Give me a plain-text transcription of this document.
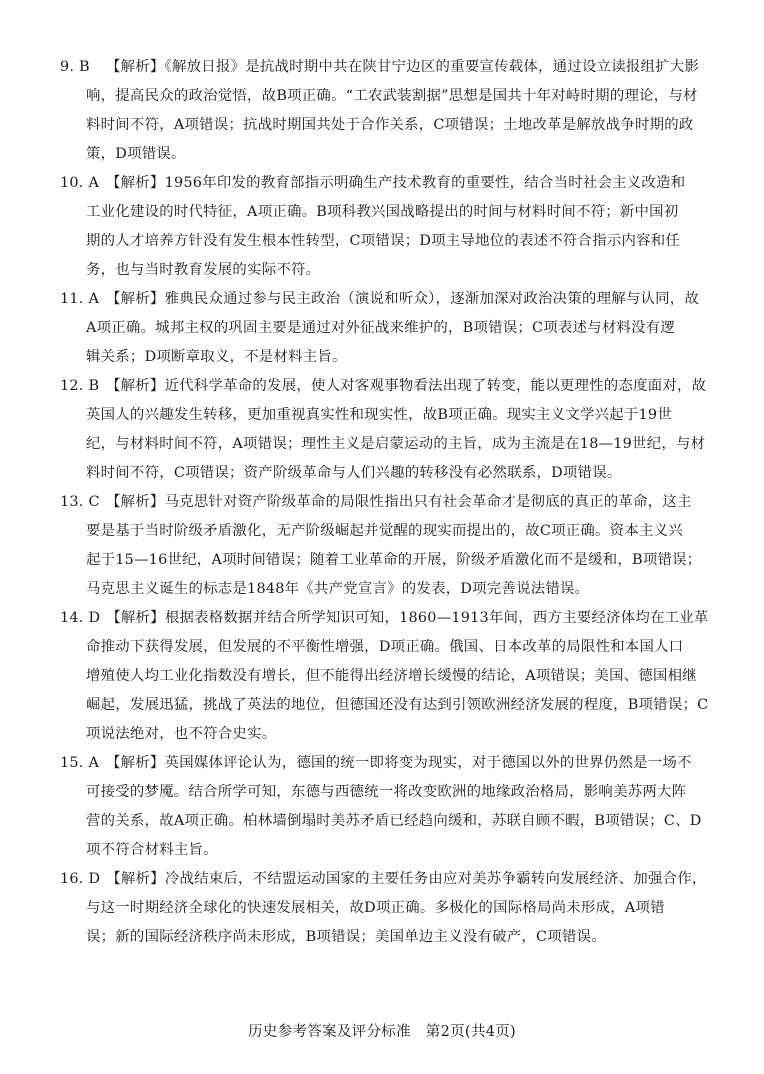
9. B 【解析】《解放日报》是抗战时期中共在陕甘宁边区的重要宣传载体，通过设立读报组扩大影
响，提高民众的政治觉悟，故B项正确。“工农武装割据”思想是国共十年对峙时期的理论，与材
料时间不符，A项错误；抗战时期国共处于合作关系，C项错误；土地改革是解放战争时期的政
策，D项错误。
10. A 【解析】1956年印发的教育部指示明确生产技术教育的重要性，结合当时社会主义改造和
工业化建设的时代特征，A项正确。B项科教兴国战略提出的时间与材料时间不符；新中国初
期的人才培养方针没有发生根本性转型，C项错误；D项主导地位的表述不符合指示内容和任
务，也与当时教育发展的实际不符。
11. A 【解析】雅典民众通过参与民主政治（演说和听众），逐渐加深对政治决策的理解与认同，故
A项正确。城邦主权的巩固主要是通过对外征战来维护的，B项错误；C项表述与材料没有逻
辑关系；D项断章取义，不是材料主旨。
12. B 【解析】近代科学革命的发展，使人对客观事物看法出现了转变，能以更理性的态度面对，故
英国人的兴趣发生转移，更加重视真实性和现实性，故B项正确。现实主义文学兴起于19世
纪，与材料时间不符，A项错误；理性主义是启蒙运动的主旨，成为主流是在18—19世纪，与材
料时间不符，C项错误；资产阶级革命与人们兴趣的转移没有必然联系，D项错误。
13. C 【解析】马克思针对资产阶级革命的局限性指出只有社会革命才是彻底的真正的革命，这主
要是基于当时阶级矛盾激化，无产阶级崛起并觉醒的现实而提出的，故C项正确。资本主义兴
起于15—16世纪，A项时间错误；随着工业革命的开展，阶级矛盾激化而不是缓和，B项错误；
马克思主义诞生的标志是1848年《共产党宣言》的发表，D项完善说法错误。
14. D 【解析】根据表格数据并结合所学知识可知，1860—1913年间，西方主要经济体均在工业革
命推动下获得发展，但发展的不平衡性增强，D项正确。俄国、日本改革的局限性和本国人口
增殖使人均工业化指数没有增长，但不能得出经济增长缓慢的结论，A项错误；美国、德国相继
崛起，发展迅猛，挑战了英法的地位，但德国还没有达到引领欧洲经济发展的程度，B项错误；C
项说法绝对，也不符合史实。
15. A 【解析】英国媒体评论认为，德国的统一即将变为现实，对于德国以外的世界仍然是一场不
可接受的梦魇。结合所学可知，东德与西德统一将改变欧洲的地缘政治格局，影响美苏两大阵
营的关系，故A项正确。柏林墙倒塌时美苏矛盾已经趋向缓和，苏联自顾不暇，B项错误；C、D
项不符合材料主旨。
16. D 【解析】冷战结束后，不结盟运动国家的主要任务由应对美苏争霸转向发展经济、加强合作，
与这一时期经济全球化的快速发展相关，故D项正确。多极化的国际格局尚未形成，A项错
误；新的国际经济秩序尚未形成，B项错误；美国单边主义没有破产，C项错误。
历史参考答案及评分标准　第2页(共4页)
